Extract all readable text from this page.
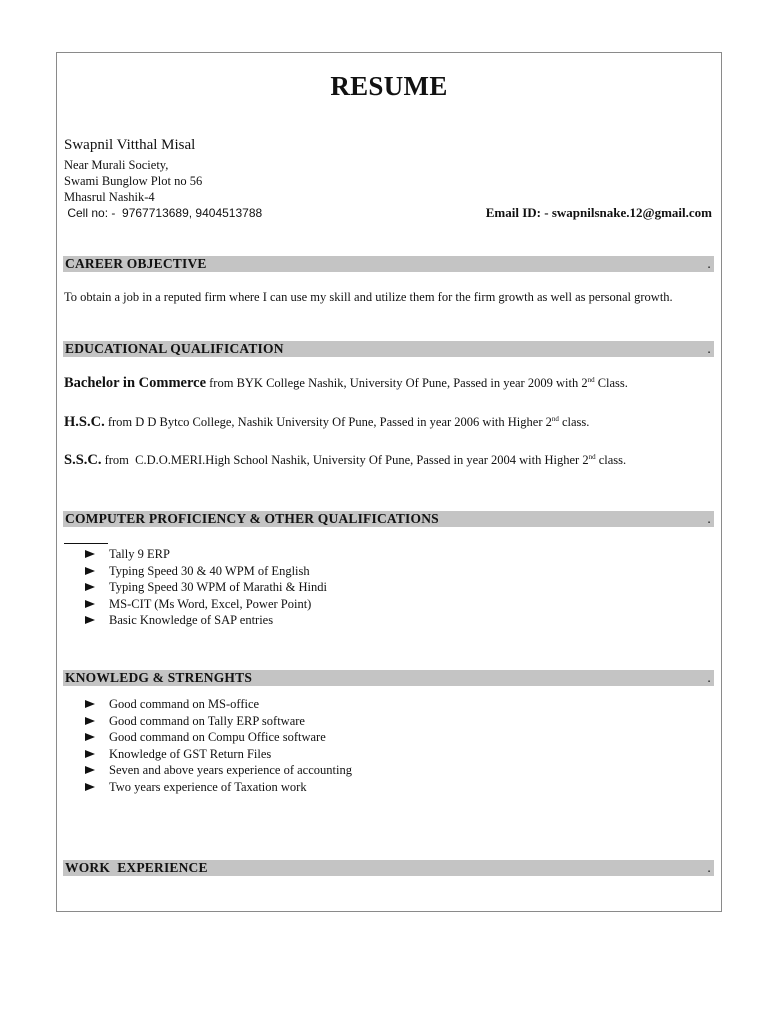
RESUME
Swapnil Vitthal Misal
Near Murali Society,
Swami Bunglow Plot no 56
Mhasrul Nashik-4
Cell no: -  9767713689, 9404513788	Email ID: - swapnilsnake.12@gmail.com
CAREER OBJECTIVE	.
To obtain a job in a reputed firm where I can use my skill and utilize them for the firm growth as well as personal growth.
EDUCATIONAL QUALIFICATION	.
Bachelor in Commerce from BYK College Nashik, University Of Pune, Passed in year 2009 with 2nd Class.
H.S.C. from D D Bytco College, Nashik University Of Pune, Passed in year 2006 with Higher 2nd class.
S.S.C. from  C.D.O.MERI.High School Nashik, University Of Pune, Passed in year 2004 with Higher 2nd class.
COMPUTER PROFICIENCY & OTHER QUALIFICATIONS	.
Tally 9 ERP
Typing Speed 30 & 40 WPM of English
Typing Speed 30 WPM of Marathi & Hindi
MS-CIT (Ms Word, Excel, Power Point)
Basic Knowledge of SAP entries
KNOWLEDG & STRENGHTS	.
Good command on MS-office
Good command on Tally ERP software
Good command on Compu Office software
Knowledge of GST Return Files
Seven and above years experience of accounting
Two years experience of Taxation work
WORK  EXPERIENCE	.
